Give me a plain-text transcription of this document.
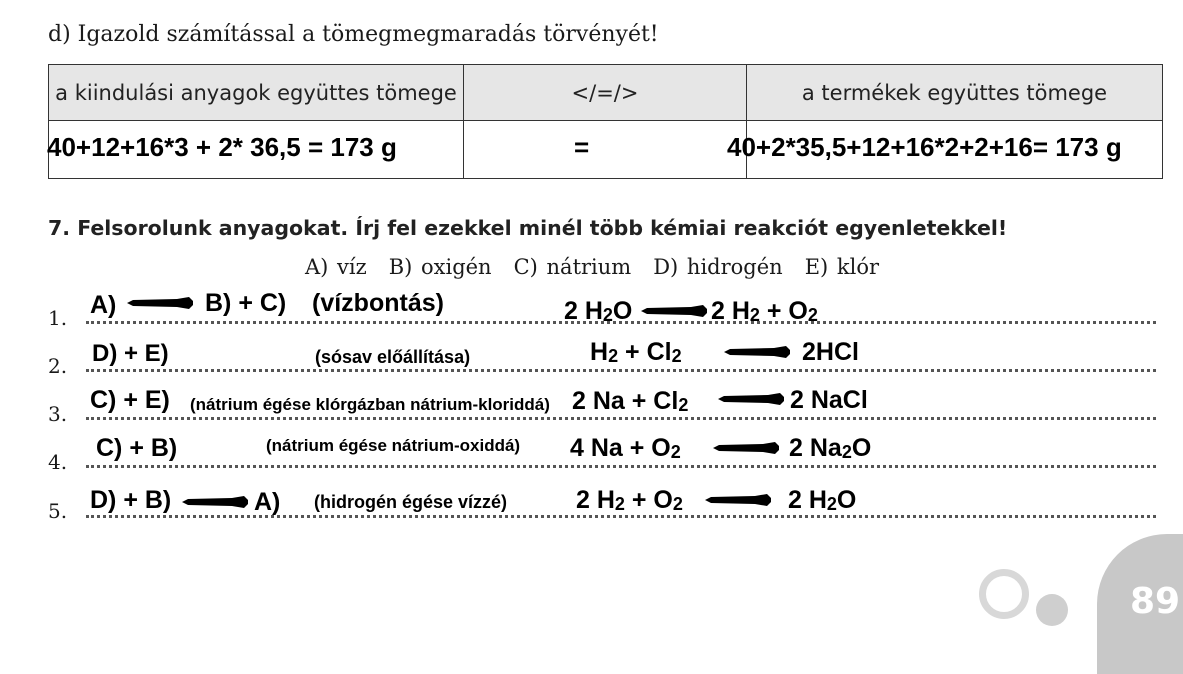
d) Igazold számítással a tömegmegmaradás törvényét!
a kiindulási anyagok együttes tömege	</=/>	a termékek együttes tömege

40+12+16*3 + 2* 36,5 = 173 g	=	40+2*35,5+12+16*2+2+16= 173 g
7. Felsorolunk anyagokat. Írj fel ezekkel minél több kémiai reakciót egyenletekkel!
A) víz B) oxigén C) nátrium D) hidrogén E) klór
1. A)	B) + C) (vízbontás)	2 H2O	2 H2 + O2
2. D) + E)	(sósav előállítása)	H2 + Cl2	2HCl
3. C) + E) (nátrium égése klórgázban nátrium-kloriddá) 2 Na + Cl2	2 NaCl
4. C) + B)	(nátrium égése nátrium-oxiddá) 4 Na + O2	2 Na2O
5. D) + B)	A) (hidrogén égése vízzé)	2 H2 + O2	2 H2O
89
